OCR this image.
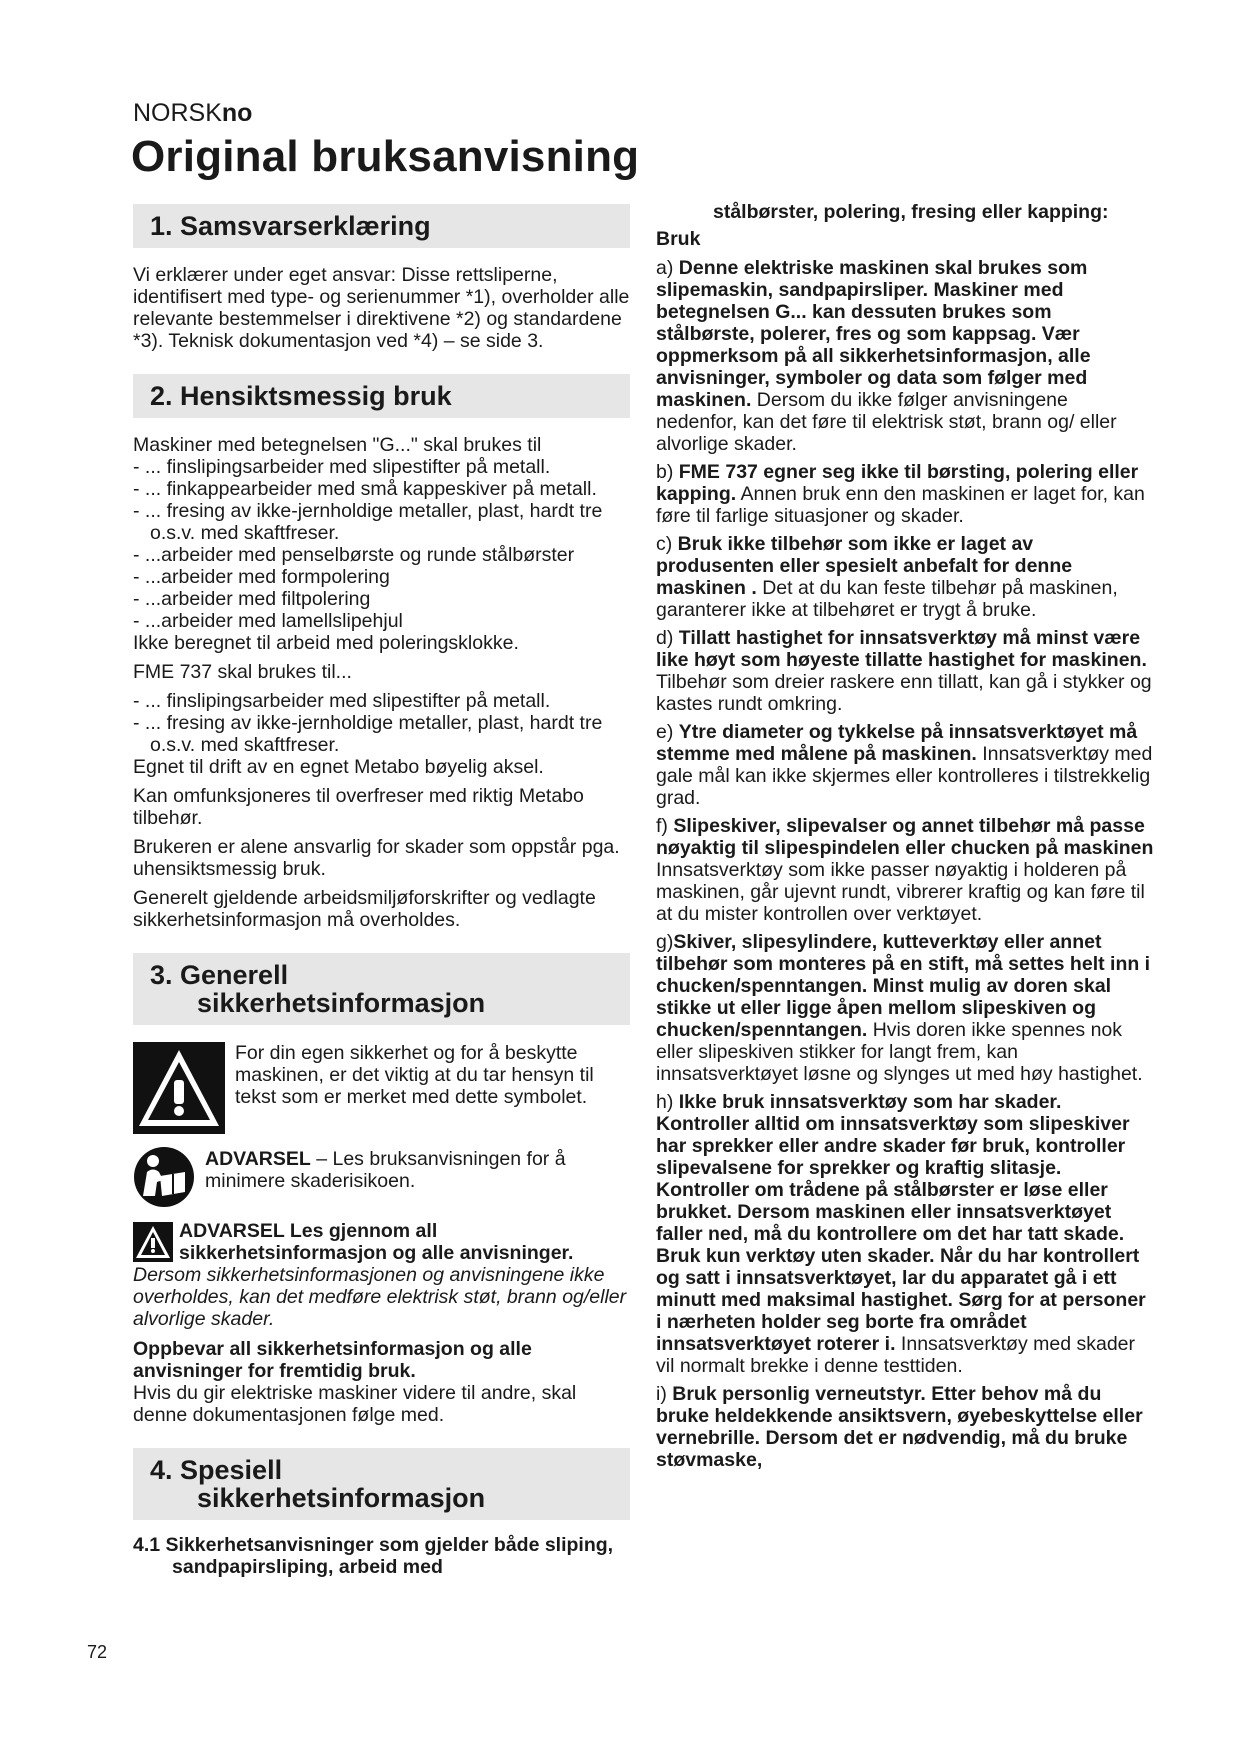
NORSKno
Original bruksanvisning
1. Samsvarserklæring

Vi erklærer under eget ansvar: Disse rettsliperne, identifisert med type- og serienummer *1), overholder alle relevante bestemmelser i direktivene *2) og standardene *3). Teknisk dokumentasjon ved *4) – se side 3.

2. Hensiktsmessig bruk

Maskiner med betegnelsen "G..." skal brukes til

- ... finslipingsarbeider med slipestifter på metall.

- ... finkappearbeider med små kappeskiver på metall.

- ... fresing av ikke-jernholdige metaller, plast, hardt tre o.s.v. med skaftfreser.

- ...arbeider med penselbørste og runde stålbørster

- ...arbeider med formpolering

- ...arbeider med filtpolering

- ...arbeider med lamellslipehjul

Ikke beregnet til arbeid med poleringsklokke.

FME 737 skal brukes til...

- ... finslipingsarbeider med slipestifter på metall.

- ... fresing av ikke-jernholdige metaller, plast, hardt tre o.s.v. med skaftfreser.

Egnet til drift av en egnet Metabo bøyelig aksel.

Kan omfunksjoneres til overfreser med riktig Metabo tilbehør.

Brukeren er alene ansvarlig for skader som oppstår pga. uhensiktsmessig bruk.

Generelt gjeldende arbeidsmiljøforskrifter og vedlagte sikkerhetsinformasjon må overholdes.

3. Generell
sikkerhetsinformasjon

For din egen sikkerhet og for å beskytte maskinen, er det viktig at du tar hensyn til tekst som er merket med dette symbolet.

ADVARSEL – Les bruksanvisningen for å minimere skaderisikoen.

ADVARSEL Les gjennom all sikkerhetsinformasjon og alle anvisninger. Dersom sikkerhetsinformasjonen og anvisningene ikke overholdes, kan det medføre elektrisk støt, brann og/eller alvorlige skader.

Oppbevar all sikkerhetsinformasjon og alle anvisninger for fremtidig bruk.

Hvis du gir elektriske maskiner videre til andre, skal denne dokumentasjonen følge med.

4. Spesiell
sikkerhetsinformasjon

4.1 Sikkerhetsanvisninger som gjelder både sliping, sandpapirsliping, arbeid med

stålbørster, polering, fresing eller kapping:

Bruk

a) Denne elektriske maskinen skal brukes som slipemaskin, sandpapirsliper. Maskiner med betegnelsen G... kan dessuten brukes som stålbørste, polerer, fres og som kappsag. Vær oppmerksom på all sikkerhetsinformasjon, alle anvisninger, symboler og data som følger med maskinen. Dersom du ikke følger anvisningene nedenfor, kan det føre til elektrisk støt, brann og/ eller alvorlige skader.

b) FME 737 egner seg ikke til børsting, polering eller kapping. Annen bruk enn den maskinen er laget for, kan føre til farlige situasjoner og skader.

c) Bruk ikke tilbehør som ikke er laget av produsenten eller spesielt anbefalt for denne maskinen . Det at du kan feste tilbehør på maskinen, garanterer ikke at tilbehøret er trygt å bruke.

d) Tillatt hastighet for innsatsverktøy må minst være like høyt som høyeste tillatte hastighet for maskinen. Tilbehør som dreier raskere enn tillatt, kan gå i stykker og kastes rundt omkring.

e) Ytre diameter og tykkelse på innsatsverktøyet må stemme med målene på maskinen. Innsatsverktøy med gale mål kan ikke skjermes eller kontrolleres i tilstrekkelig grad.

f) Slipeskiver, slipevalser og annet tilbehør må passe nøyaktig til slipespindelen eller chucken på maskinen Innsatsverktøy som ikke passer nøyaktig i holderen på maskinen, går ujevnt rundt, vibrerer kraftig og kan føre til at du mister kontrollen over verktøyet.

g)Skiver, slipesylindere, kutteverktøy eller annet tilbehør som monteres på en stift, må settes helt inn i chucken/spenntangen. Minst mulig av doren skal stikke ut eller ligge åpen mellom slipeskiven og chucken/spenntangen. Hvis doren ikke spennes nok eller slipeskiven stikker for langt frem, kan innsatsverktøyet løsne og slynges ut med høy hastighet.

h) Ikke bruk innsatsverktøy som har skader. Kontroller alltid om innsatsverktøy som slipeskiver har sprekker eller andre skader før bruk, kontroller slipevalsene for sprekker og kraftig slitasje. Kontroller om trådene på stålbørster er løse eller brukket. Dersom maskinen eller innsatsverktøyet faller ned, må du kontrollere om det har tatt skade. Bruk kun verktøy uten skader. Når du har kontrollert og satt i innsatsverktøyet, lar du apparatet gå i ett minutt med maksimal hastighet. Sørg for at personer i nærheten holder seg borte fra området innsatsverktøyet roterer i. Innsatsverktøy med skader vil normalt brekke i denne testtiden.

i) Bruk personlig verneutstyr. Etter behov må du bruke heldekkende ansiktsvern, øyebeskyttelse eller vernebrille. Dersom det er nødvendig, må du bruke støvmaske,

72
